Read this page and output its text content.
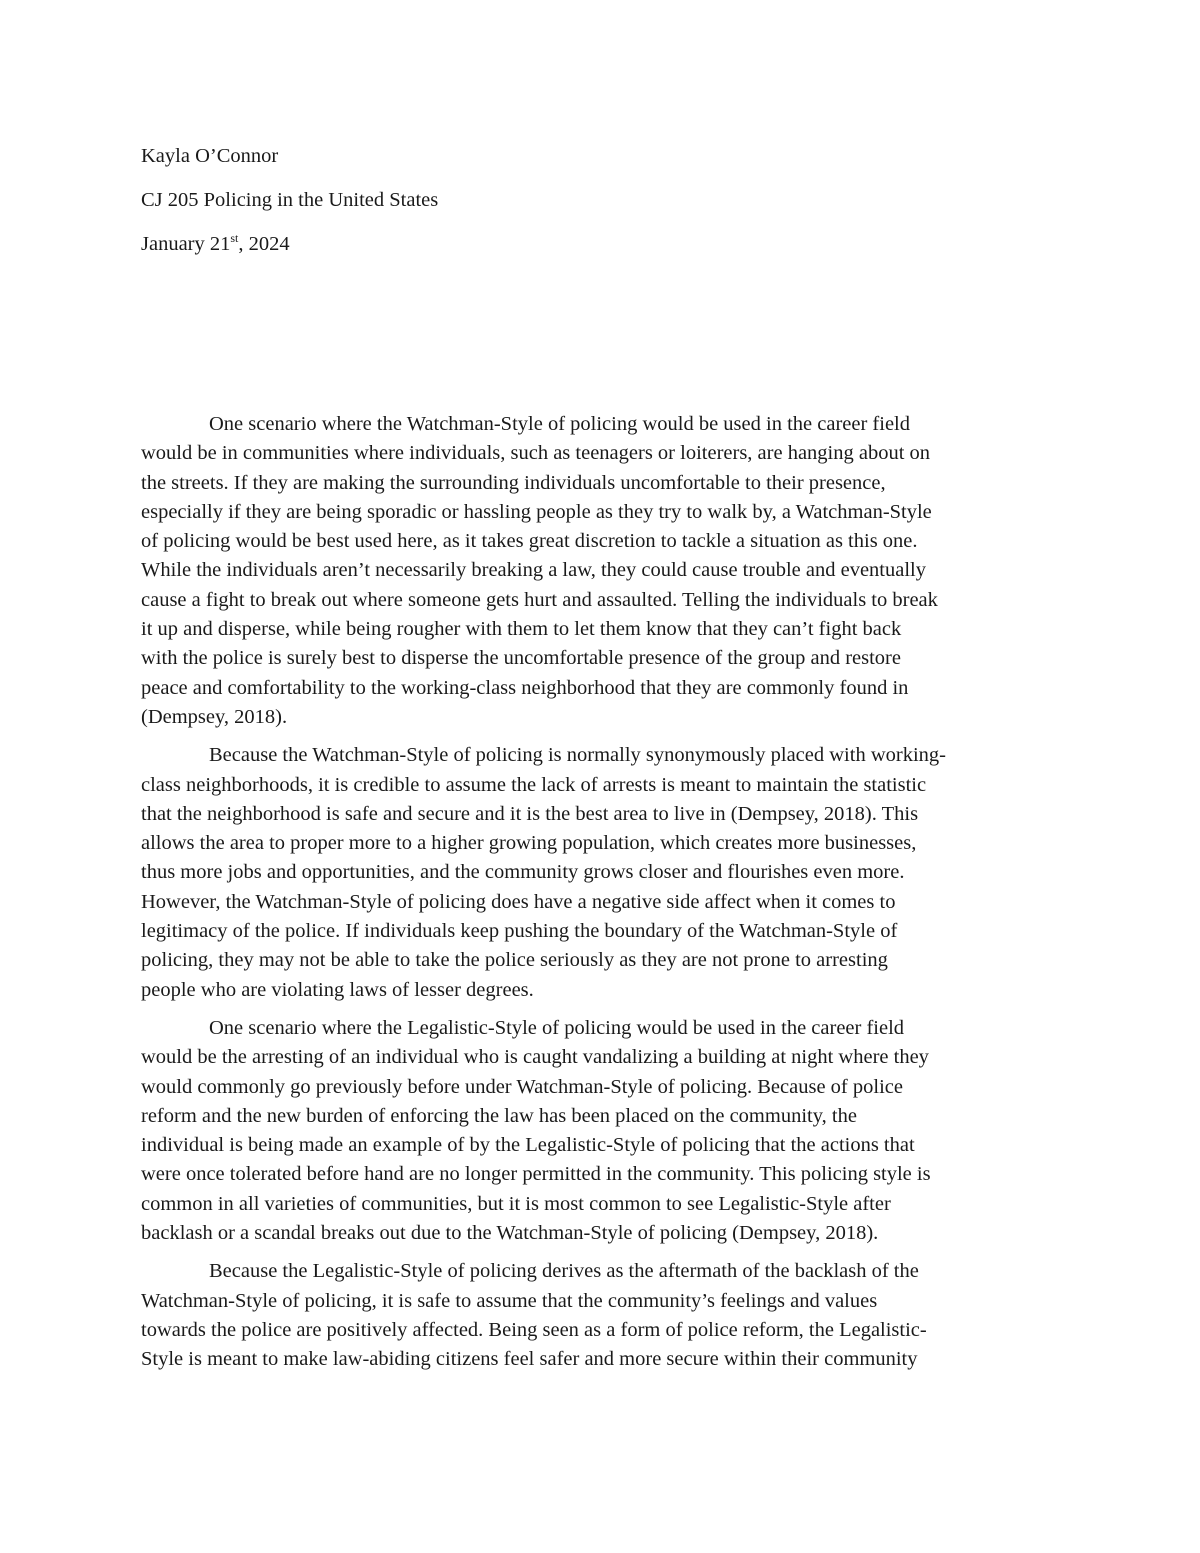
Kayla O’Connor
CJ 205 Policing in the United States
January 21st, 2024
One scenario where the Watchman-Style of policing would be used in the career field
would be in communities where individuals, such as teenagers or loiterers, are hanging about on
the streets. If they are making the surrounding individuals uncomfortable to their presence,
especially if they are being sporadic or hassling people as they try to walk by, a Watchman-Style
of policing would be best used here, as it takes great discretion to tackle a situation as this one.
While the individuals aren’t necessarily breaking a law, they could cause trouble and eventually
cause a fight to break out where someone gets hurt and assaulted. Telling the individuals to break
it up and disperse, while being rougher with them to let them know that they can’t fight back
with the police is surely best to disperse the uncomfortable presence of the group and restore
peace and comfortability to the working-class neighborhood that they are commonly found in
(Dempsey, 2018).
Because the Watchman-Style of policing is normally synonymously placed with working-
class neighborhoods, it is credible to assume the lack of arrests is meant to maintain the statistic
that the neighborhood is safe and secure and it is the best area to live in (Dempsey, 2018). This
allows the area to proper more to a higher growing population, which creates more businesses,
thus more jobs and opportunities, and the community grows closer and flourishes even more.
However, the Watchman-Style of policing does have a negative side affect when it comes to
legitimacy of the police. If individuals keep pushing the boundary of the Watchman-Style of
policing, they may not be able to take the police seriously as they are not prone to arresting
people who are violating laws of lesser degrees.
One scenario where the Legalistic-Style of policing would be used in the career field
would be the arresting of an individual who is caught vandalizing a building at night where they
would commonly go previously before under Watchman-Style of policing. Because of police
reform and the new burden of enforcing the law has been placed on the community, the
individual is being made an example of by the Legalistic-Style of policing that the actions that
were once tolerated before hand are no longer permitted in the community. This policing style is
common in all varieties of communities, but it is most common to see Legalistic-Style after
backlash or a scandal breaks out due to the Watchman-Style of policing (Dempsey, 2018).
Because the Legalistic-Style of policing derives as the aftermath of the backlash of the
Watchman-Style of policing, it is safe to assume that the community’s feelings and values
towards the police are positively affected. Being seen as a form of police reform, the Legalistic-
Style is meant to make law-abiding citizens feel safer and more secure within their community
